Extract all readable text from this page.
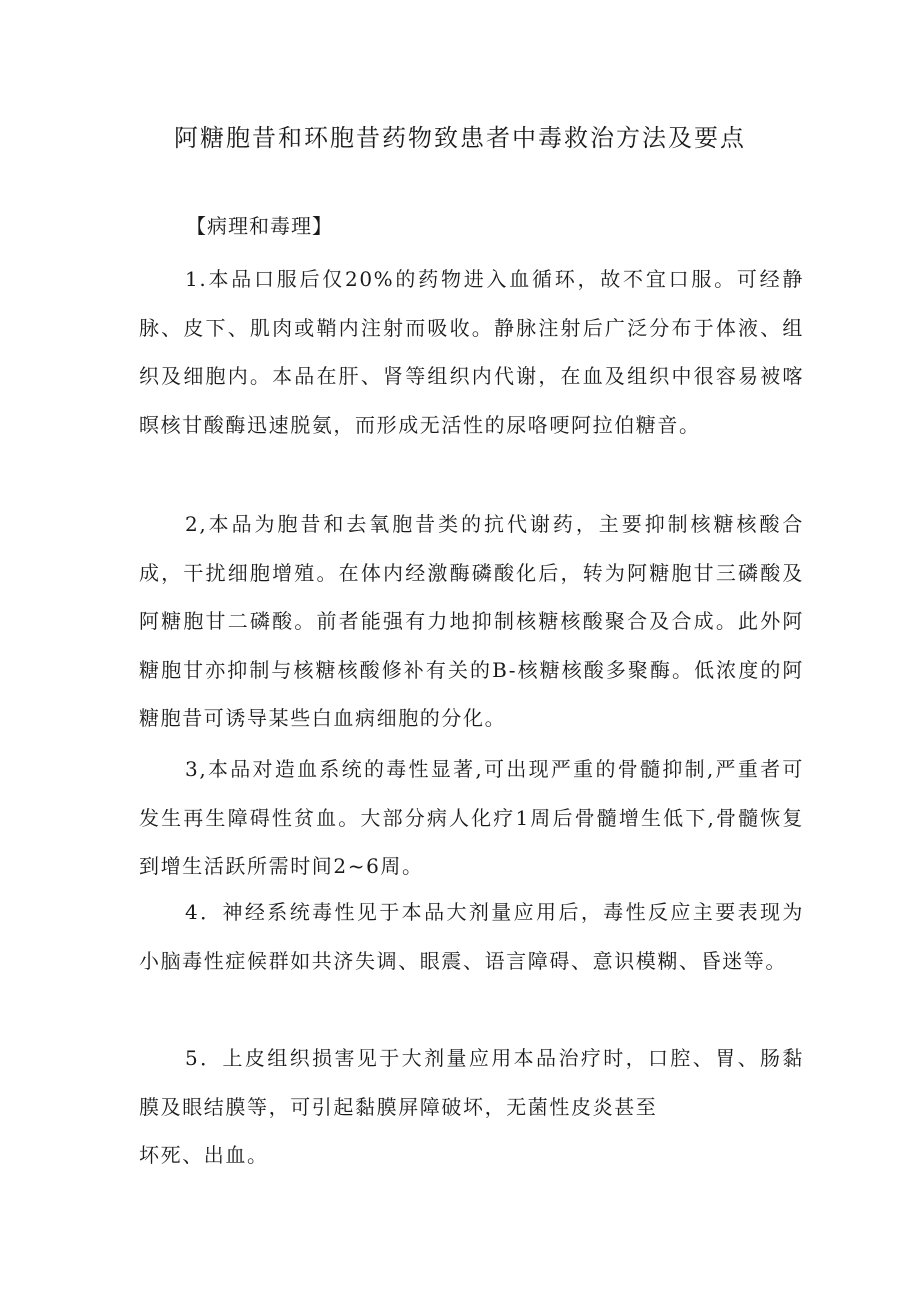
阿糖胞昔和环胞昔药物致患者中毒救治方法及要点

【病理和毒理】

1.本品口服后仅20%的药物进入血循环，故不宜口服。可经静脉、皮下、肌肉或鞘内注射而吸收。静脉注射后广泛分布于体液、组织及细胞内。本品在肝、肾等组织内代谢，在血及组织中很容易被喀暝核甘酸酶迅速脱氨，而形成无活性的尿咯哽阿拉伯糖音。

2,本品为胞昔和去氧胞昔类的抗代谢药，主要抑制核糖核酸合成，干扰细胞增殖。在体内经激酶磷酸化后，转为阿糖胞甘三磷酸及阿糖胞甘二磷酸。前者能强有力地抑制核糖核酸聚合及合成。此外阿糖胞甘亦抑制与核糖核酸修补有关的B-核糖核酸多聚酶。低浓度的阿糖胞昔可诱导某些白血病细胞的分化。

3,本品对造血系统的毒性显著,可出现严重的骨髓抑制,严重者可发生再生障碍性贫血。大部分病人化疗1周后骨髓增生低下,骨髓恢复到增生活跃所需时间2~6周。

4．神经系统毒性见于本品大剂量应用后，毒性反应主要表现为小脑毒性症候群如共济失调、眼震、语言障碍、意识模糊、昏迷等。

5．上皮组织损害见于大剂量应用本品治疗时，口腔、胃、肠黏膜及眼结膜等，可引起黏膜屏障破坏，无菌性皮炎甚至

坏死、出血。
